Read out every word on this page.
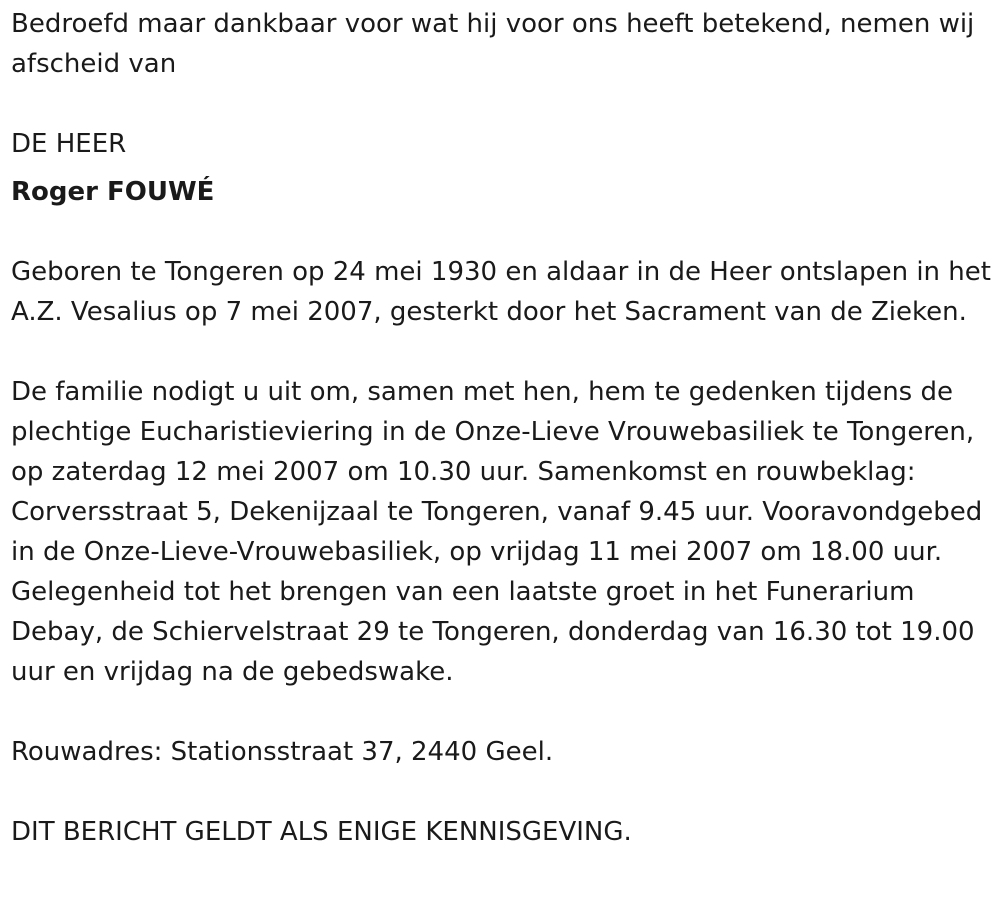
Bedroefd maar dankbaar voor wat hij voor ons heeft betekend, nemen wij afscheid van

DE HEER

Roger FOUWÉ

Geboren te Tongeren op 24 mei 1930 en aldaar in de Heer ontslapen in het A.Z. Vesalius op 7 mei 2007, gesterkt door het Sacrament van de Zieken.

De familie nodigt u uit om, samen met hen, hem te gedenken tijdens de plechtige Eucharistieviering in de Onze-Lieve Vrouwebasiliek te Tongeren, op zaterdag 12 mei 2007 om 10.30 uur. Samenkomst en rouwbeklag: Corversstraat 5, Dekenijzaal te Tongeren, vanaf 9.45 uur. Vooravondgebed in de Onze-Lieve-Vrouwebasiliek, op vrijdag 11 mei 2007 om 18.00 uur. Gelegenheid tot het brengen van een laatste groet in het Funerarium Debay, de Schiervelstraat 29 te Tongeren, donderdag van 16.30 tot 19.00 uur en vrijdag na de gebedswake.

Rouwadres: Stationsstraat 37, 2440 Geel.

DIT BERICHT GELDT ALS ENIGE KENNISGEVING.
